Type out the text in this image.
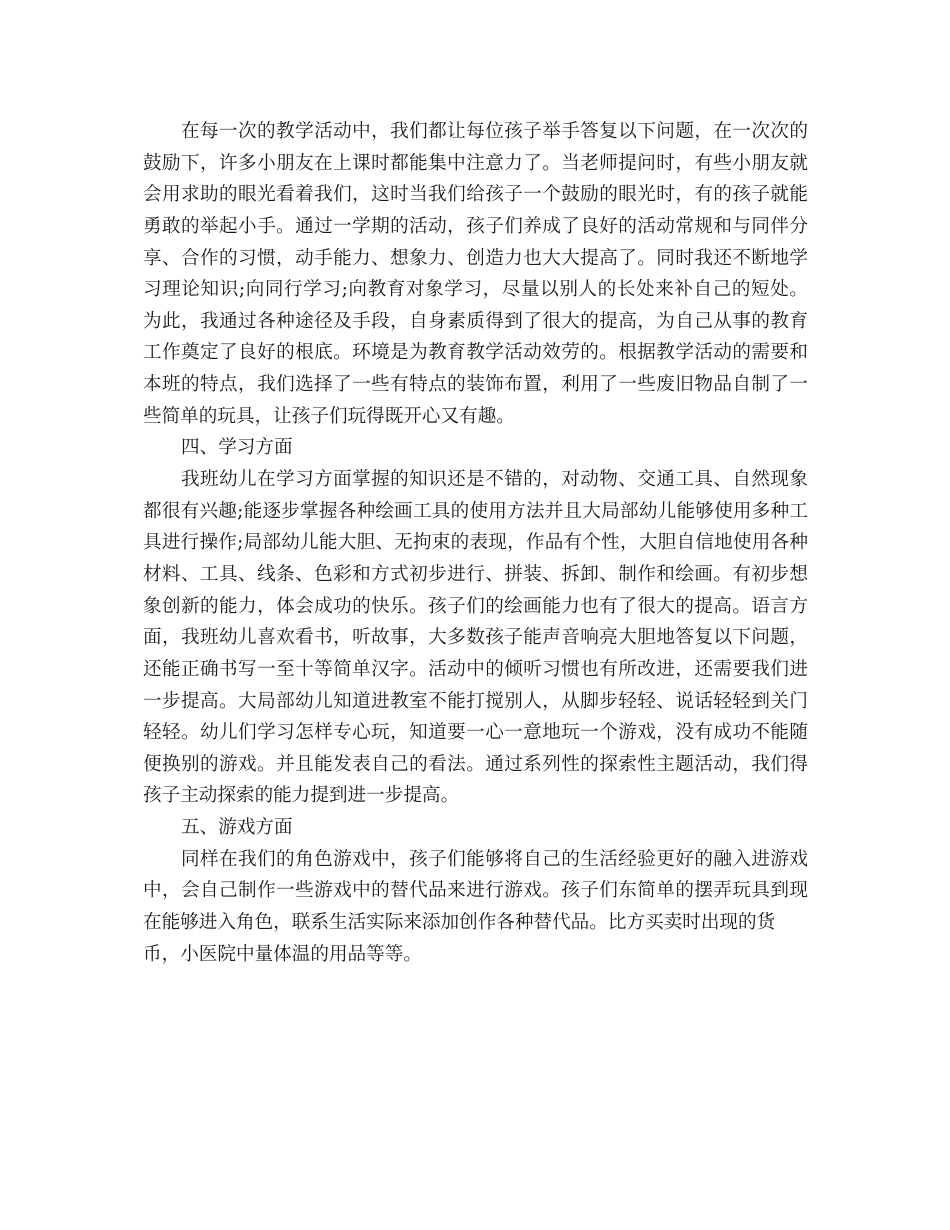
在每一次的教学活动中，我们都让每位孩子举手答复以下问题，在一次次的
鼓励下，许多小朋友在上课时都能集中注意力了。当老师提问时，有些小朋友就
会用求助的眼光看着我们，这时当我们给孩子一个鼓励的眼光时，有的孩子就能
勇敢的举起小手。通过一学期的活动，孩子们养成了良好的活动常规和与同伴分
享、合作的习惯，动手能力、想象力、创造力也大大提高了。同时我还不断地学
习理论知识;向同行学习;向教育对象学习，尽量以别人的长处来补自己的短处。
为此，我通过各种途径及手段，自身素质得到了很大的提高，为自己从事的教育
工作奠定了良好的根底。环境是为教育教学活动效劳的。根据教学活动的需要和
本班的特点，我们选择了一些有特点的装饰布置，利用了一些废旧物品自制了一
些简单的玩具，让孩子们玩得既开心又有趣。
四、学习方面
我班幼儿在学习方面掌握的知识还是不错的，对动物、交通工具、自然现象
都很有兴趣;能逐步掌握各种绘画工具的使用方法并且大局部幼儿能够使用多种工
具进行操作;局部幼儿能大胆、无拘束的表现，作品有个性，大胆自信地使用各种
材料、工具、线条、色彩和方式初步进行、拼装、拆卸、制作和绘画。有初步想
象创新的能力，体会成功的快乐。孩子们的绘画能力也有了很大的提高。语言方
面，我班幼儿喜欢看书，听故事，大多数孩子能声音响亮大胆地答复以下问题，
还能正确书写一至十等简单汉字。活动中的倾听习惯也有所改进，还需要我们进
一步提高。大局部幼儿知道进教室不能打搅别人，从脚步轻轻、说话轻轻到关门
轻轻。幼儿们学习怎样专心玩，知道要一心一意地玩一个游戏，没有成功不能随
便换别的游戏。并且能发表自己的看法。通过系列性的探索性主题活动，我们得
孩子主动探索的能力提到进一步提高。
五、游戏方面
同样在我们的角色游戏中，孩子们能够将自己的生活经验更好的融入进游戏
中，会自己制作一些游戏中的替代品来进行游戏。孩子们东简单的摆弄玩具到现
在能够进入角色，联系生活实际来添加创作各种替代品。比方买卖时出现的货
币，小医院中量体温的用品等等。
